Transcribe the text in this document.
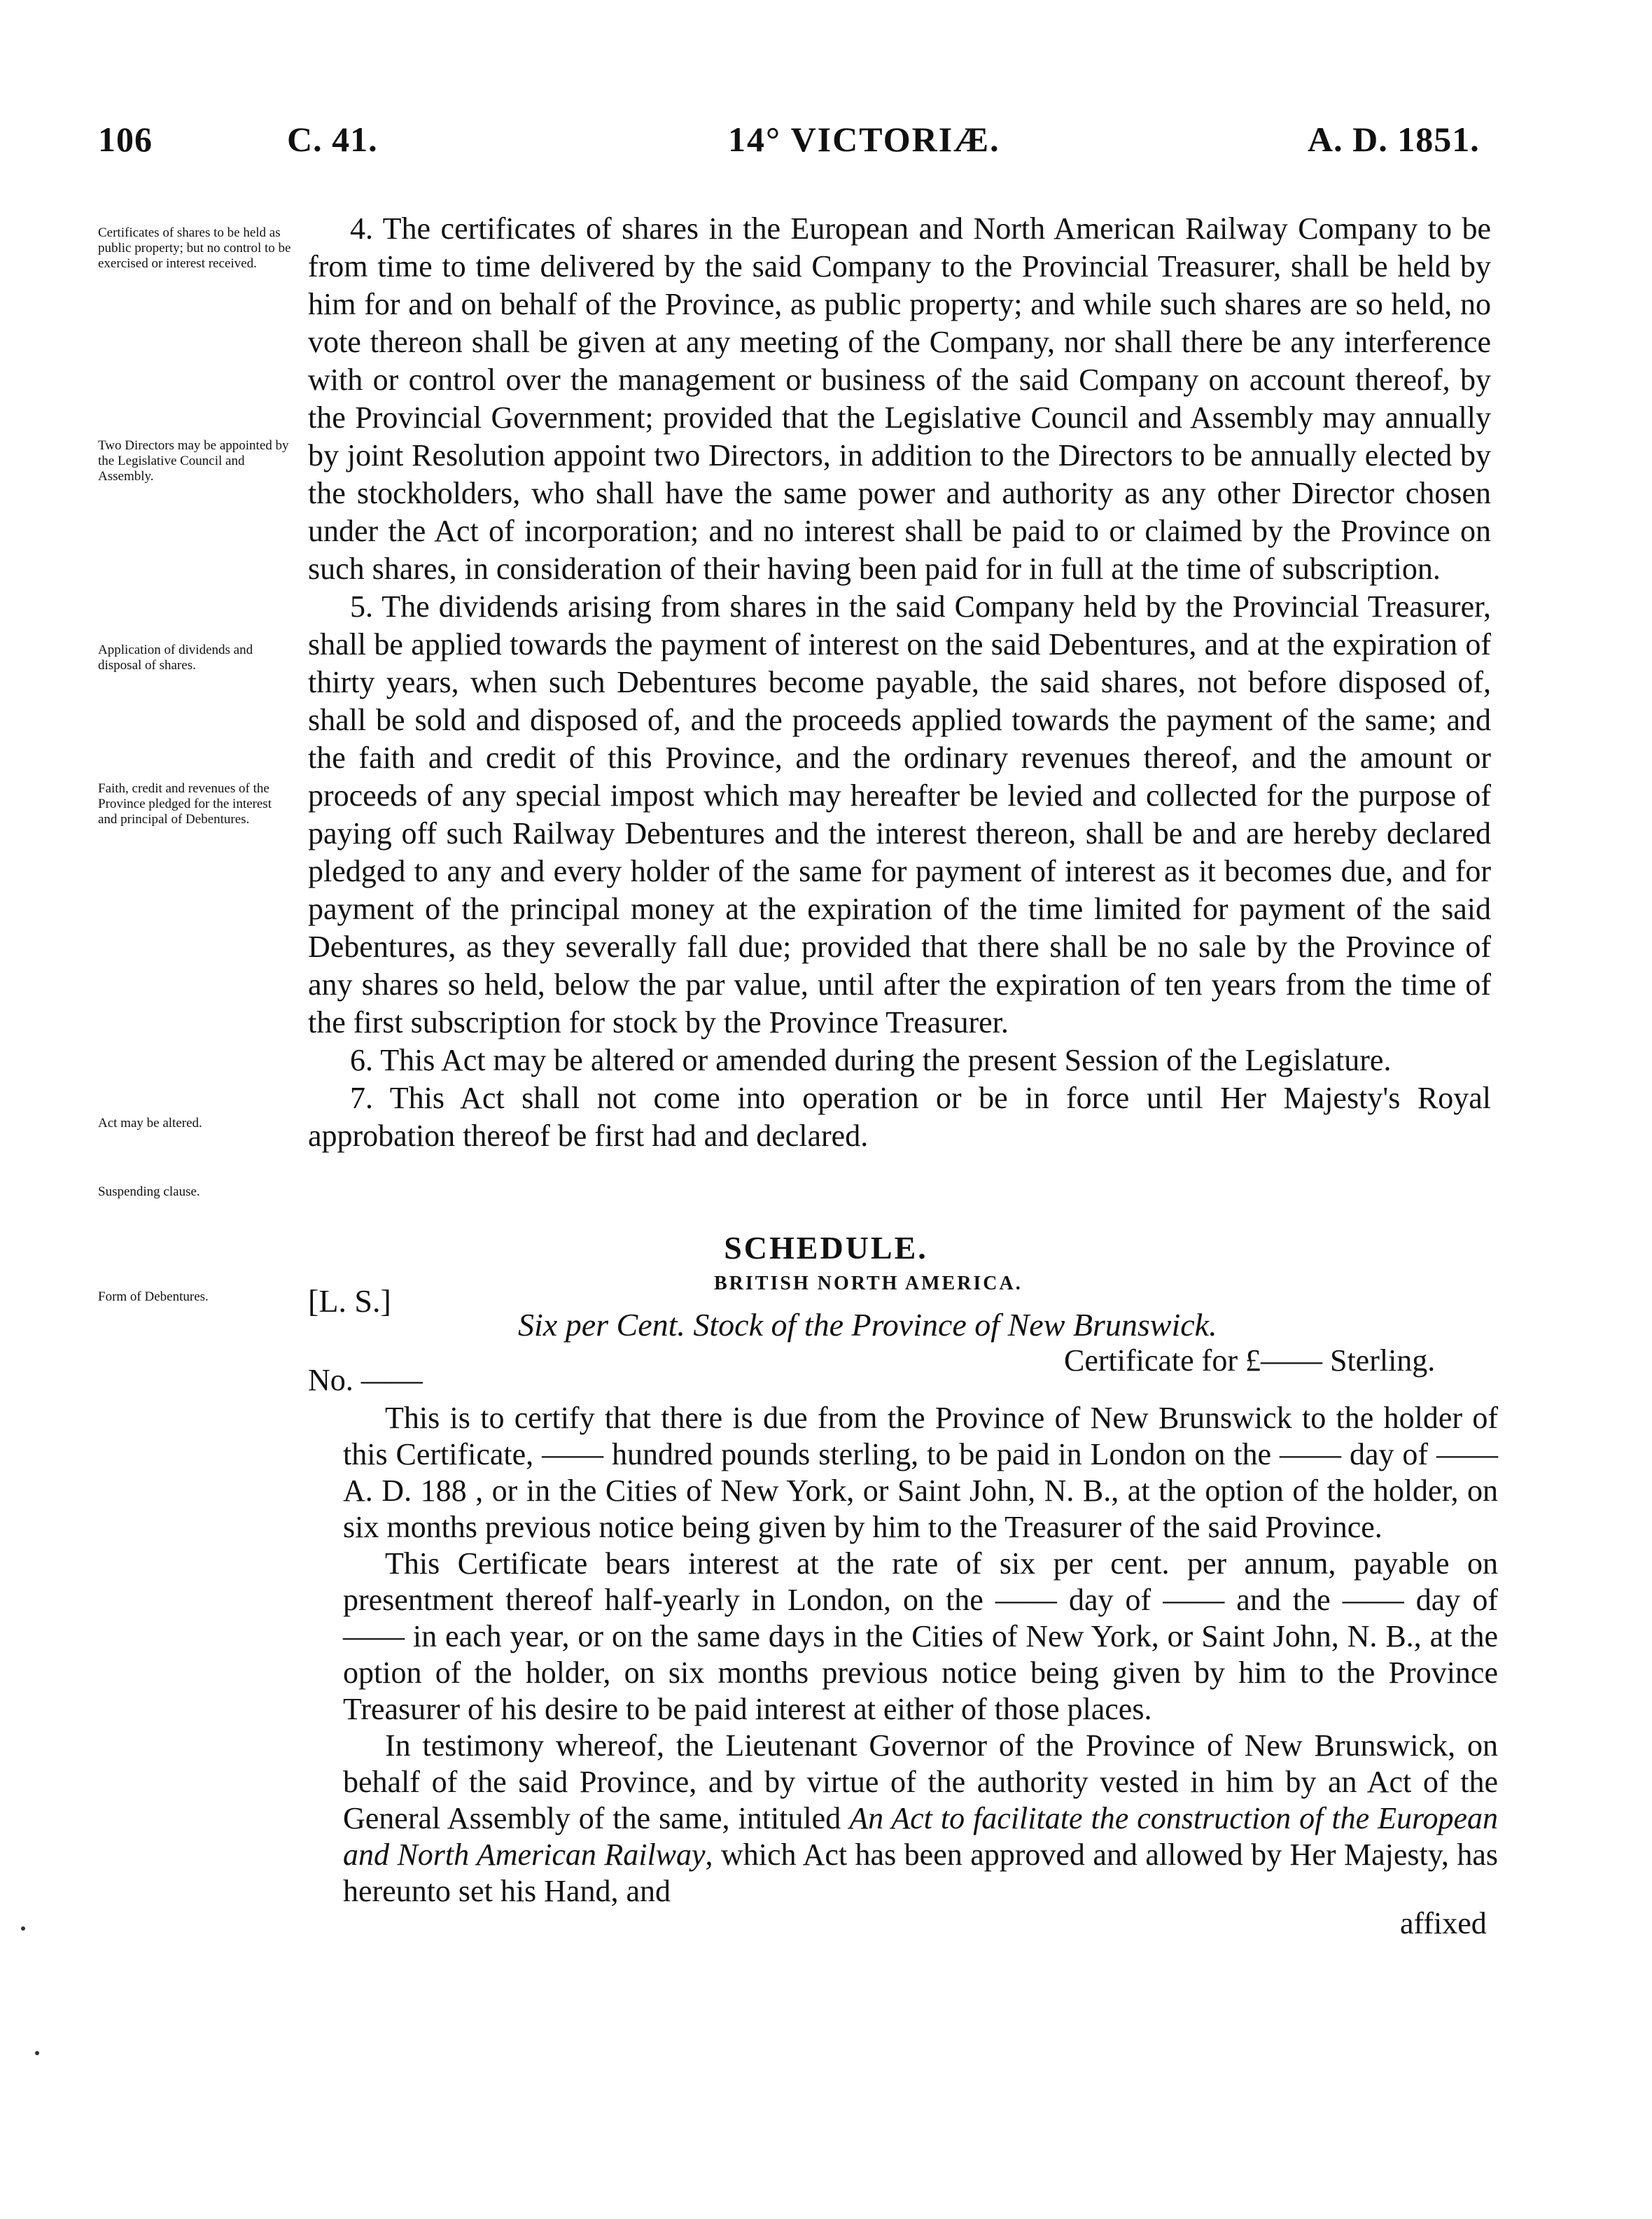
106	C. 41.	14° VICTORIÆ.	A. D. 1851.
Certificates of shares to be held as public property; but no control to be exercised or interest received.
Two Directors may be appointed by the Legislative Council and Assembly.
Application of dividends and disposal of shares.
Faith, credit and revenues of the Province pledged for the interest and principal of Debentures.
Act may be altered.
Suspending clause.
Form of Debentures.

4. The certificates of shares in the European and North American Railway Company to be from time to time delivered by the said Company to the Provincial Treasurer, shall be held by him for and on behalf of the Province, as public property; and while such shares are so held, no vote thereon shall be given at any meeting of the Company, nor shall there be any interference with or control over the management or business of the said Company on account thereof, by the Provincial Government; provided that the Legislative Council and Assembly may annually by joint Resolution appoint two Directors, in addition to the Directors to be annually elected by the stockholders, who shall have the same power and authority as any other Director chosen under the Act of incorporation; and no interest shall be paid to or claimed by the Province on such shares, in consideration of their having been paid for in full at the time of subscription.

5. The dividends arising from shares in the said Company held by the Provincial Treasurer, shall be applied towards the payment of interest on the said Debentures, and at the expiration of thirty years, when such Debentures become payable, the said shares, not before disposed of, shall be sold and disposed of, and the proceeds applied towards the payment of the same; and the faith and credit of this Province, and the ordinary revenues thereof, and the amount or proceeds of any special impost which may hereafter be levied and collected for the purpose of paying off such Railway Debentures and the interest thereon, shall be and are hereby declared pledged to any and every holder of the same for payment of interest as it becomes due, and for payment of the principal money at the expiration of the time limited for payment of the said Debentures, as they severally fall due; provided that there shall be no sale by the Province of any shares so held, below the par value, until after the expiration of ten years from the time of the first subscription for stock by the Province Treasurer.

6. This Act may be altered or amended during the present Session of the Legislature.

7. This Act shall not come into operation or be in force until Her Majesty's Royal approbation thereof be first had and declared.

SCHEDULE.
[L. S.]	BRITISH NORTH AMERICA.
Six per Cent. Stock of the Province of New Brunswick.
Certificate for £—— Sterling.
No. ——

This is to certify that there is due from the Province of New Brunswick to the holder of this Certificate, —— hundred pounds sterling, to be paid in London on the —— day of —— A. D. 188 , or in the Cities of New York, or Saint John, N. B., at the option of the holder, on six months previous notice being given by him to the Treasurer of the said Province.

This Certificate bears interest at the rate of six per cent. per annum, payable on presentment thereof half-yearly in London, on the —— day of —— and the —— day of —— in each year, or on the same days in the Cities of New York, or Saint John, N. B., at the option of the holder, on six months previous notice being given by him to the Province Treasurer of his desire to be paid interest at either of those places.

In testimony whereof, the Lieutenant Governor of the Province of New Brunswick, on behalf of the said Province, and by virtue of the authority vested in him by an Act of the General Assembly of the same, intituled An Act to facilitate the construction of the European and North American Railway, which Act has been approved and allowed by Her Majesty, has hereunto set his Hand, and

affixed
